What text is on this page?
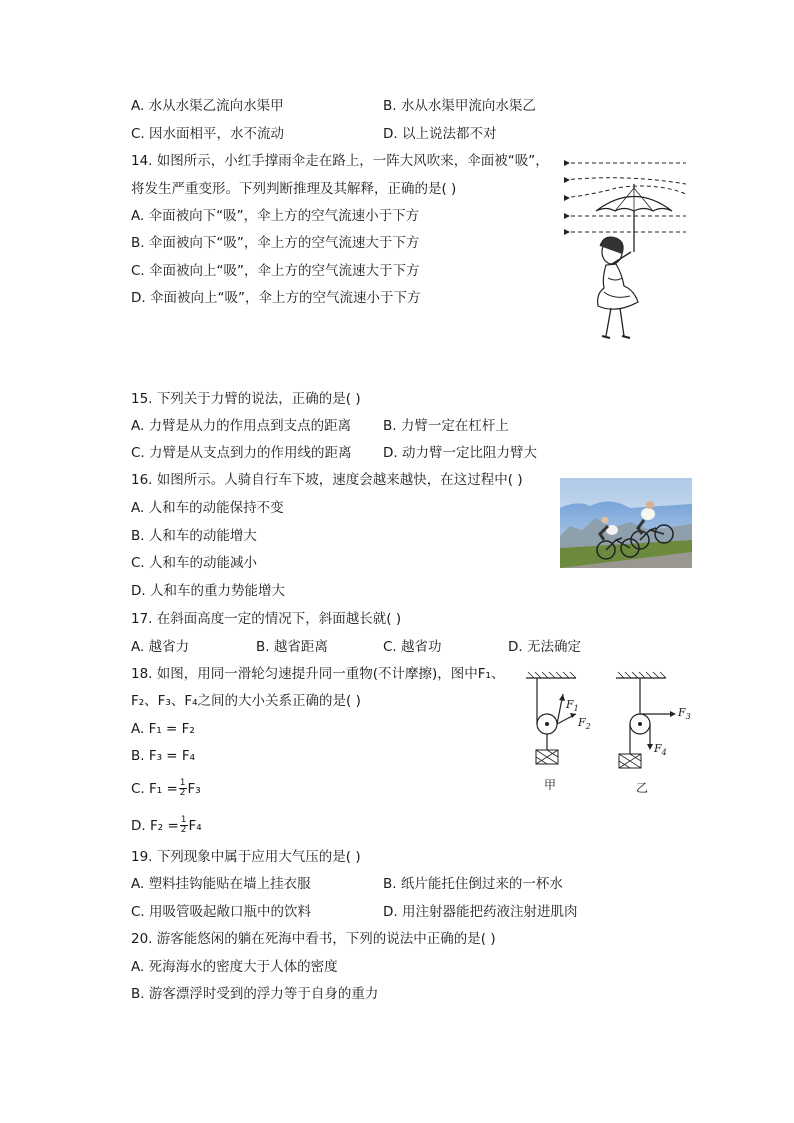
A. 水从水渠乙流向水渠甲	B. 水从水渠甲流向水渠乙
C. 因水面相平，水不流动	D. 以上说法都不对
14. 如图所示，小红手撑雨伞走在路上，一阵大风吹来，伞面被“吸”，
将发生严重变形。下列判断推理及其解释，正确的是( )
A. 伞面被向下“吸”，伞上方的空气流速小于下方
B. 伞面被向下“吸”，伞上方的空气流速大于下方
C. 伞面被向上“吸”，伞上方的空气流速大于下方
D. 伞面被向上“吸”，伞上方的空气流速小于下方
15. 下列关于力臂的说法，正确的是( )
A. 力臂是从力的作用点到支点的距离 B. 力臂一定在杠杆上
C. 力臂是从支点到力的作用线的距离 D. 动力臂一定比阻力臂大
16. 如图所示。人骑自行车下坡，速度会越来越快，在这过程中( )
A. 人和车的动能保持不变
B. 人和车的动能增大
C. 人和车的动能减小
D. 人和车的重力势能增大
17. 在斜面高度一定的情况下，斜面越长就( )
A. 越省力	B. 越省距离	C. 越省功	D. 无法确定
18. 如图，用同一滑轮匀速提升同一重物(不计摩擦)，图中F₁、
F₂、F₃、F₄之间的大小关系正确的是( )
A. F₁ = F₂
B. F₃ = F₄
C. $F_1 = \frac{1}{2} F_3$
D. $F_2 = \frac{1}{2} F_4$
$F_1$
$F_2$
$F_3$
$F_4$
甲	乙
19. 下列现象中属于应用大气压的是( )
A. 塑料挂钩能贴在墙上挂衣服	B. 纸片能托住倒过来的一杯水
C. 用吸管吸起敞口瓶中的饮料	D. 用注射器能把药液注射进肌肉
20. 游客能悠闲的躺在死海中看书，下列的说法中正确的是( )
A. 死海海水的密度大于人体的密度
B. 游客漂浮时受到的浮力等于自身的重力
